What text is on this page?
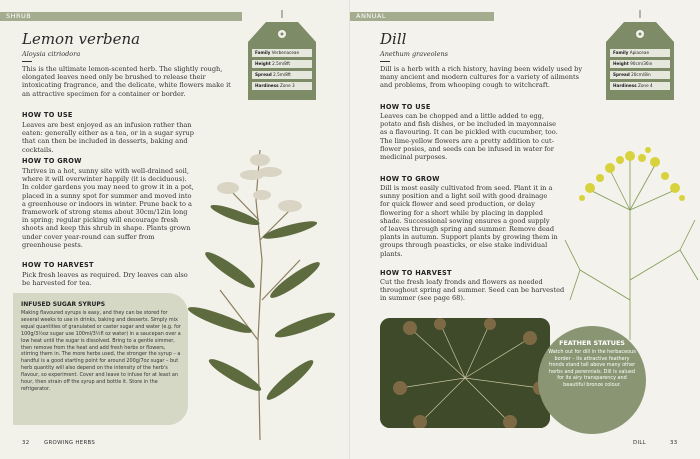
SHRUB
Lemon verbena
Aloysia citriodora

This is the ultimate lemon-scented herb. The slightly rough, elongated leaves need only be brushed to release their intoxicating fragrance, and the delicate, white flowers make it an attractive specimen for a container or border.

HOW TO USE

Leaves are best enjoyed as an infusion rather than eaten: generally either as a tea, or in a sugar syrup that can then be included in desserts, baking and cocktails.

HOW TO GROW

Thrives in a hot, sunny site with well-drained soil, where it will overwinter happily (it is deciduous). In colder gardens you may need to grow it in a pot, placed in a sunny spot for summer and moved into a greenhouse or indoors in winter. Prune back to a framework of strong stems about 30cm/12in long in spring; regular picking will encourage fresh shoots and keep this shrub in shape. Plants grown under cover year-round can suffer from greenhouse pests.

HOW TO HARVEST

Pick fresh leaves as required. Dry leaves can also be harvested for tea.

Family Verbenaceae
Height 2.5m/8ft
Spread 2.5m/8ft
Hardiness Zone 3
INFUSED SUGAR SYRUPS

Making flavoured syrups is easy, and they can be stored for several weeks to use in drinks, baking and desserts. Simply mix equal quantities of granulated or caster sugar and water (e.g. for 100g/3½oz sugar use 100ml/3½fl oz water) in a saucepan over a low heat until the sugar is dissolved. Bring to a gentle simmer, then remove from the heat and add fresh herbs or flowers, stirring them in. The more herbs used, the stronger the syrup – a handful is a good starting point for around 200g/7oz sugar – but herb quantity will also depend on the intensity of the herb's flavour, so experiment. Cover and leave to infuse for at least an hour, then strain off the syrup and bottle it. Store in the refrigerator.

32	GROWING HERBS
ANNUAL
Dill
Anethum graveolens

Dill is a herb with a rich history, having been widely used by many ancient and modern cultures for a variety of ailments and problems, from whooping cough to witchcraft.

HOW TO USE

Leaves can be chopped and a little added to egg, potato and fish dishes, or be included in mayonnaise as a flavouring. It can be pickled with cucumber, too. The lime-yellow flowers are a pretty addition to cut-flower posies, and seeds can be infused in water for medicinal purposes.

HOW TO GROW

Dill is most easily cultivated from seed. Plant it in a sunny position and a light soil with good drainage for quick flower and seed production, or delay flowering for a short while by placing in dappled shade. Successional sowing ensures a good supply of leaves through spring and summer. Remove dead plants in autumn. Support plants by growing them in groups through peasticks, or else stake individual plants.

HOW TO HARVEST

Cut the fresh leafy fronds and flowers as needed throughout spring and summer. Seed can be harvested in summer (see page 68).

Family Apiaceae
Height 90cm/36in
Spread 20cm/8in
Hardiness Zone 4
FEATHER STATUES

Watch out for dill in the herbaceous border – its attractive feathery fronds stand tall above many other herbs and perennials. Dill is valued for its airy transparency and beautiful bronze colour.

DILL	33
